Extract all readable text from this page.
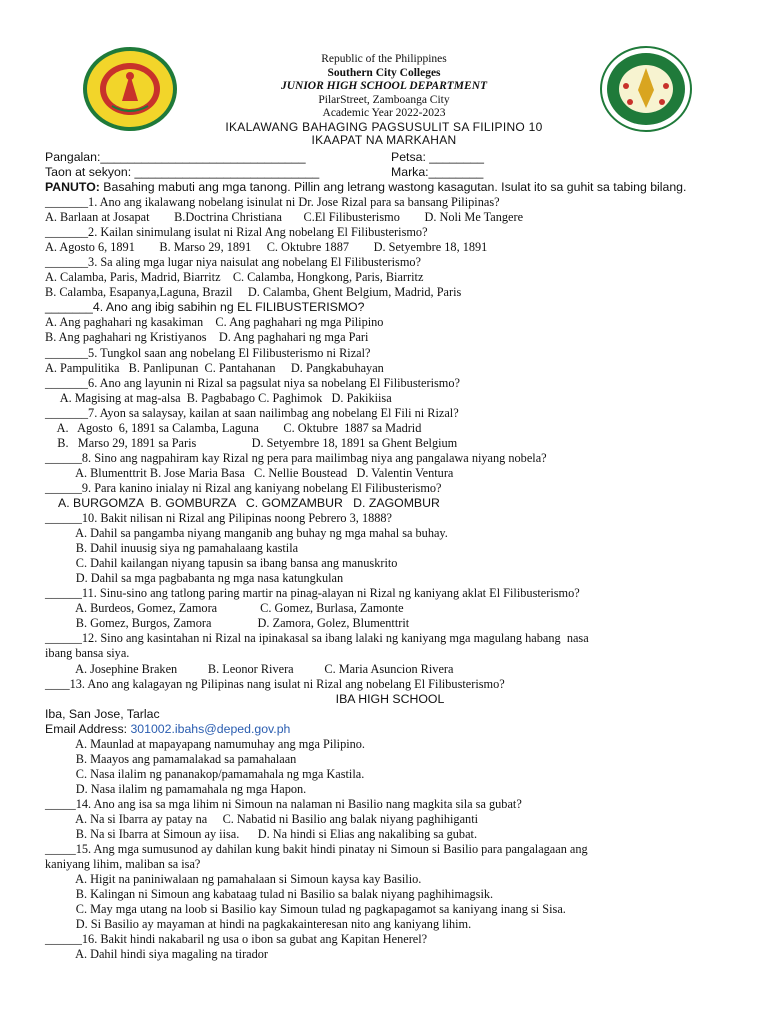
Republic of the Philippines
Southern City Colleges
JUNIOR HIGH SCHOOL DEPARTMENT
PilarStreet, Zamboanga City
Academic Year 2022-2023
IKALAWANG BAHAGING PAGSUSULIT SA FILIPINO 10
IKAAPAT NA MARKAHAN
Pangalan:______________________________	Petsa: ________
Taon at sekyon: ___________________________	Marka:________
PANUTO: Basahing mabuti ang mga tanong. Pillin ang letrang wastong kasagutan. Isulat ito sa guhit sa tabing bilang.
_______1. Ano ang ikalawang nobelang isinulat ni Dr. Jose Rizal para sa bansang Pilipinas?
A. Barlaan at Josapat        B.Doctrina Christiana       C.El Filibusterismo        D. Noli Me Tangere
_______2. Kailan sinimulang isulat ni Rizal Ang nobelang El Filibusterismo?
A. Agosto 6, 1891        B. Marso 29, 1891     C. Oktubre 1887        D. Setyembre 18, 1891
_______3. Sa aling mga lugar niya naisulat ang nobelang El Filibusterismo?
A. Calamba, Paris, Madrid, Biarritz    C. Calamba, Hongkong, Paris, Biarritz
B. Calamba, Esapanya,Laguna, Brazil     D. Calamba, Ghent Belgium, Madrid, Paris
_______4. Ano ang ibig sabihin ng EL FILIBUSTERISMO?
A. Ang paghahari ng kasakiman    C. Ang paghahari ng mga Pilipino
B. Ang paghahari ng Kristiyanos    D. Ang paghahari ng mga Pari
_______5. Tungkol saan ang nobelang El Filibusterismo ni Rizal?
A. Pampulitika   B. Panlipunan  C. Pantahanan     D. Pangkabuhayan
_______6. Ano ang layunin ni Rizal sa pagsulat niya sa nobelang El Filibusterismo?
A. Magising at mag-alsa  B. Pagbabago C. Paghimok   D. Pakikiisa
_______7. Ayon sa salaysay, kailan at saan nailimbag ang nobelang El Fili ni Rizal?
A.   Agosto  6, 1891 sa Calamba, Laguna        C. Oktubre  1887 sa Madrid
B.   Marso 29, 1891 sa Paris                  D. Setyembre 18, 1891 sa Ghent Belgium
______8. Sino ang nagpahiram kay Rizal ng pera para mailimbag niya ang pangalawa niyang nobela?
A. Blumenttrit B. Jose Maria Basa   C. Nellie Boustead   D. Valentin Ventura
______9. Para kanino inialay ni Rizal ang kaniyang nobelang El Filibusterismo?
A. BURGOMZA  B. GOMBURZA   C. GOMZAMBUR   D. ZAGOMBUR
______10. Bakit nilisan ni Rizal ang Pilipinas noong Pebrero 3, 1888?
A. Dahil sa pangamba niyang manganib ang buhay ng mga mahal sa buhay.
B. Dahil inuusig siya ng pamahalaang kastila
C. Dahil kailangan niyang tapusin sa ibang bansa ang manuskrito
D. Dahil sa mga pagbabanta ng mga nasa katungkulan
______11. Sinu-sino ang tatlong paring martir na pinag-alayan ni Rizal ng kaniyang aklat El Filibusterismo?
A. Burdeos, Gomez, Zamora              C. Gomez, Burlasa, Zamonte
B. Gomez, Burgos, Zamora               D. Zamora, Golez, Blumenttrit
______12. Sino ang kasintahan ni Rizal na ipinakasal sa ibang lalaki ng kaniyang mga magulang habang  nasa
ibang bansa siya.
A. Josephine Braken          B. Leonor Rivera          C. Maria Asuncion Rivera
____13. Ano ang kalagayan ng Pilipinas nang isulat ni Rizal ang nobelang El Filibusterismo?
IBA HIGH SCHOOL
Iba, San Jose, Tarlac
Email Address: 301002.ibahs@deped.gov.ph
A. Maunlad at mapayapang namumuhay ang mga Pilipino.
B. Maayos ang pamamalakad sa pamahalaan
C. Nasa ilalim ng pananakop/pamamahala ng mga Kastila.
D. Nasa ilalim ng pamamahala ng mga Hapon.
_____14. Ano ang isa sa mga lihim ni Simoun na nalaman ni Basilio nang magkita sila sa gubat?
A. Na si Ibarra ay patay na     C. Nabatid ni Basilio ang balak niyang paghihiganti
B. Na si Ibarra at Simoun ay iisa.      D. Na hindi si Elias ang nakalibing sa gubat.
_____15. Ang mga sumusunod ay dahilan kung bakit hindi pinatay ni Simoun si Basilio para pangalagaan ang
kaniyang lihim, maliban sa isa?
A. Higit na paniniwalaan ng pamahalaan si Simoun kaysa kay Basilio.
B. Kalingan ni Simoun ang kabataag tulad ni Basilio sa balak niyang paghihimagsik.
C. May mga utang na loob si Basilio kay Simoun tulad ng pagkapagamot sa kaniyang inang si Sisa.
D. Si Basilio ay mayaman at hindi na pagkakainteresan nito ang kaniyang lihim.
______16. Bakit hindi nakabaril ng usa o ibon sa gubat ang Kapitan Henerel?
A. Dahil hindi siya magaling na tirador
